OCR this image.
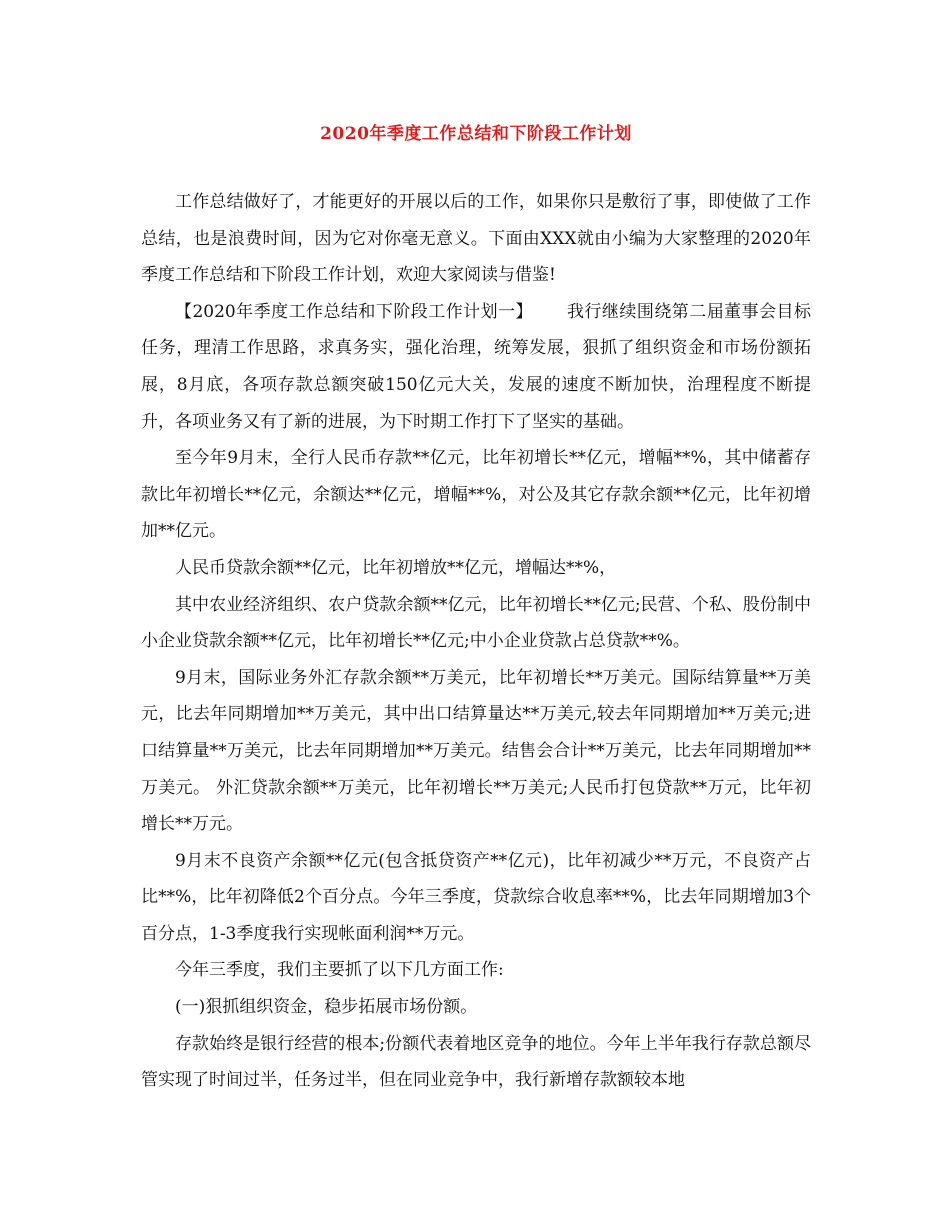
2020年季度工作总结和下阶段工作计划

工作总结做好了，才能更好的开展以后的工作，如果你只是敷衍了事，即使做了工作总结，也是浪费时间，因为它对你毫无意义。下面由XXX就由小编为大家整理的2020年季度工作总结和下阶段工作计划，欢迎大家阅读与借鉴!

【2020年季度工作总结和下阶段工作计划一】 我行继续围绕第二届董事会目标任务，理清工作思路，求真务实，强化治理，统筹发展，狠抓了组织资金和市场份额拓展，8月底，各项存款总额突破150亿元大关，发展的速度不断加快，治理程度不断提升，各项业务又有了新的进展，为下时期工作打下了坚实的基础。

至今年9月末，全行人民币存款**亿元，比年初增长**亿元，增幅**%，其中储蓄存款比年初增长**亿元，余额达**亿元，增幅**%，对公及其它存款余额**亿元，比年初增加**亿元。

人民币贷款余额**亿元，比年初增放**亿元，增幅达**%，

其中农业经济组织、农户贷款余额**亿元，比年初增长**亿元;民营、个私、股份制中小企业贷款余额**亿元，比年初增长**亿元;中小企业贷款占总贷款**%。

9月末，国际业务外汇存款余额**万美元，比年初增长**万美元。国际结算量**万美元，比去年同期增加**万美元，其中出口结算量达**万美元,较去年同期增加**万美元;进口结算量**万美元，比去年同期增加**万美元。结售会合计**万美元，比去年同期增加**万美元。 外汇贷款余额**万美元，比年初增长**万美元;人民币打包贷款**万元，比年初增长**万元。

9月末不良资产余额**亿元(包含抵贷资产**亿元)，比年初减少**万元，不良资产占比**%，比年初降低2个百分点。今年三季度，贷款综合收息率**%，比去年同期增加3个百分点，1-3季度我行实现帐面利润**万元。

今年三季度，我们主要抓了以下几方面工作:

(一)狠抓组织资金，稳步拓展市场份额。

存款始终是银行经营的根本;份额代表着地区竞争的地位。今年上半年我行存款总额尽管实现了时间过半，任务过半，但在同业竞争中，我行新增存款额较本地
